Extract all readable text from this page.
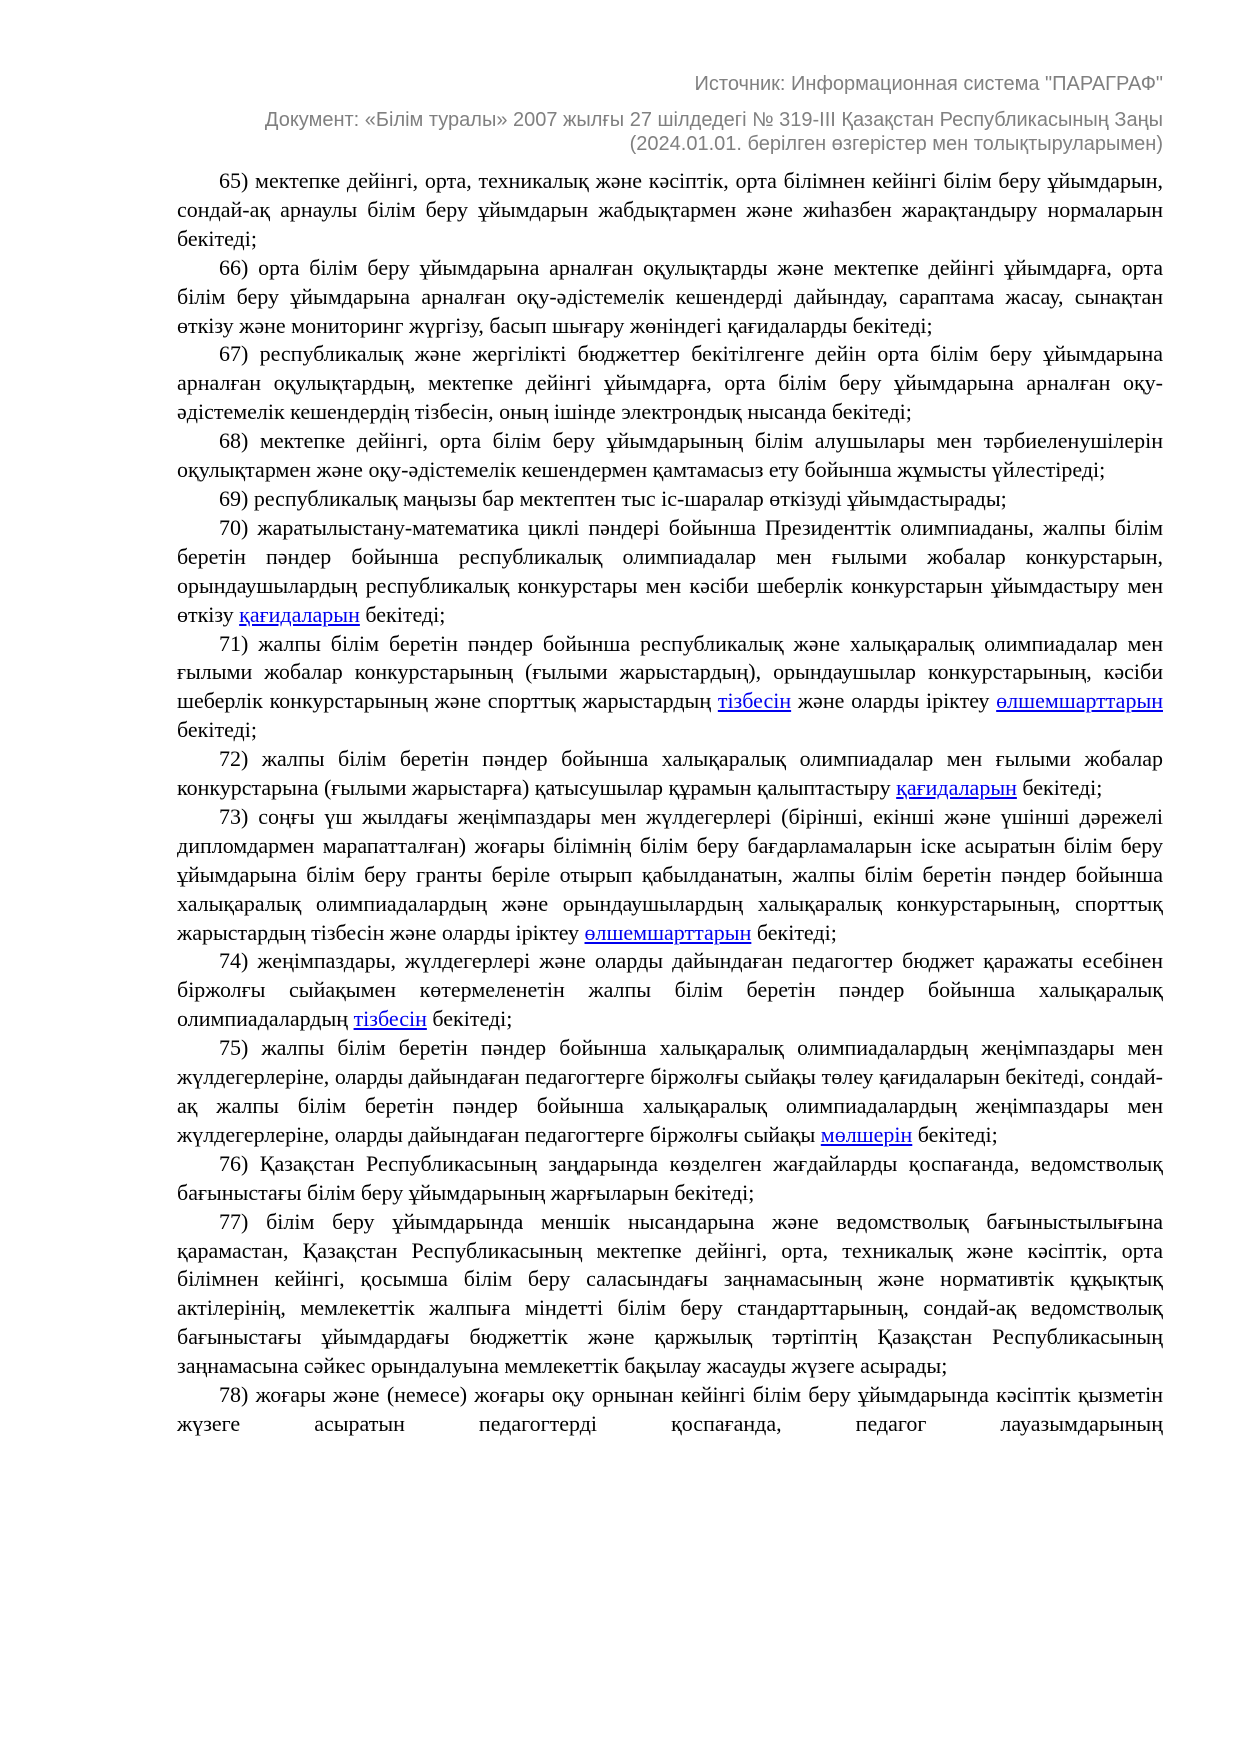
Источник: Информационная система "ПАРАГРАФ"
Документ: «Білім туралы» 2007 жылғы 27 шілдедегі № 319-ІІІ Қазақстан Республикасының Заңы
(2024.01.01. берілген өзгерістер мен толықтыруларымен)

65) мектепке дейінгі, орта, техникалық және кәсіптік, орта білімнен кейінгі білім беру ұйымдарын, сондай-ақ арнаулы білім беру ұйымдарын жабдықтармен және жиһазбен жарақтандыру нормаларын бекітеді;

66) орта білім беру ұйымдарына арналған оқулықтарды және мектепке дейінгі ұйымдарға, орта білім беру ұйымдарына арналған оқу-әдістемелік кешендерді дайындау, сараптама жасау, сынақтан өткізу және мониторинг жүргізу, басып шығару жөніндегі қағидаларды бекітеді;

67) республикалық және жергілікті бюджеттер бекітілгенге дейін орта білім беру ұйымдарына арналған оқулықтардың, мектепке дейінгі ұйымдарға, орта білім беру ұйымдарына арналған оқу-әдістемелік кешендердің тізбесін, оның ішінде электрондық нысанда бекітеді;

68) мектепке дейінгі, орта білім беру ұйымдарының білім алушылары мен тәрбиеленушілерін оқулықтармен және оқу-әдістемелік кешендермен қамтамасыз ету бойынша жұмысты үйлестіреді;

69) республикалық маңызы бар мектептен тыс іс-шаралар өткізуді ұйымдастырады;

70) жаратылыстану-математика циклі пәндері бойынша Президенттік олимпиаданы, жалпы білім беретін пәндер бойынша республикалық олимпиадалар мен ғылыми жобалар конкурстарын, орындаушылардың республикалық конкурстары мен кәсіби шеберлік конкурстарын ұйымдастыру мен өткізу қағидаларын бекітеді;

71) жалпы білім беретін пәндер бойынша республикалық және халықаралық олимпиадалар мен ғылыми жобалар конкурстарының (ғылыми жарыстардың), орындаушылар конкурстарының, кәсіби шеберлік конкурстарының және спорттық жарыстардың тізбесін және оларды іріктеу өлшемшарттарын бекітеді;

72) жалпы білім беретін пәндер бойынша халықаралық олимпиадалар мен ғылыми жобалар конкурстарына (ғылыми жарыстарға) қатысушылар құрамын қалыптастыру қағидаларын бекітеді;

73) соңғы үш жылдағы жеңімпаздары мен жүлдегерлері (бірінші, екінші және үшінші дәрежелі дипломдармен марапатталған) жоғары білімнің білім беру бағдарламаларын іске асыратын білім беру ұйымдарына білім беру гранты беріле отырып қабылданатын, жалпы білім беретін пәндер бойынша халықаралық олимпиадалардың және орындаушылардың халықаралық конкурстарының, спорттық жарыстардың тізбесін және оларды іріктеу өлшемшарттарын бекітеді;

74) жеңімпаздары, жүлдегерлері және оларды дайындаған педагогтер бюджет қаражаты есебінен біржолғы сыйақымен көтермеленетін жалпы білім беретін пәндер бойынша халықаралық олимпиадалардың тізбесін бекітеді;

75) жалпы білім беретін пәндер бойынша халықаралық олимпиадалардың жеңімпаздары мен жүлдегерлеріне, оларды дайындаған педагогтерге біржолғы сыйақы төлеу қағидаларын бекітеді, сондай-ақ жалпы білім беретін пәндер бойынша халықаралық олимпиадалардың жеңімпаздары мен жүлдегерлеріне, оларды дайындаған педагогтерге біржолғы сыйақы мөлшерін бекітеді;

76) Қазақстан Республикасының заңдарында көзделген жағдайларды қоспағанда, ведомстволық бағыныстағы білім беру ұйымдарының жарғыларын бекітеді;

77) білім беру ұйымдарында меншік нысандарына және ведомстволық бағыныстылығына қарамастан, Қазақстан Республикасының мектепке дейінгі, орта, техникалық және кәсіптік, орта білімнен кейінгі, қосымша білім беру саласындағы заңнамасының және нормативтік құқықтық актілерінің, мемлекеттік жалпыға міндетті білім беру стандарттарының, сондай-ақ ведомстволық бағыныстағы ұйымдардағы бюджеттік және қаржылық тәртіптің Қазақстан Республикасының заңнамасына сәйкес орындалуына мемлекеттік бақылау жасауды жүзеге асырады;

78) жоғары және (немесе) жоғары оқу орнынан кейінгі білім беру ұйымдарында кәсіптік қызметін жүзеге асыратын педагогтерді қоспағанда, педагог лауазымдарының
